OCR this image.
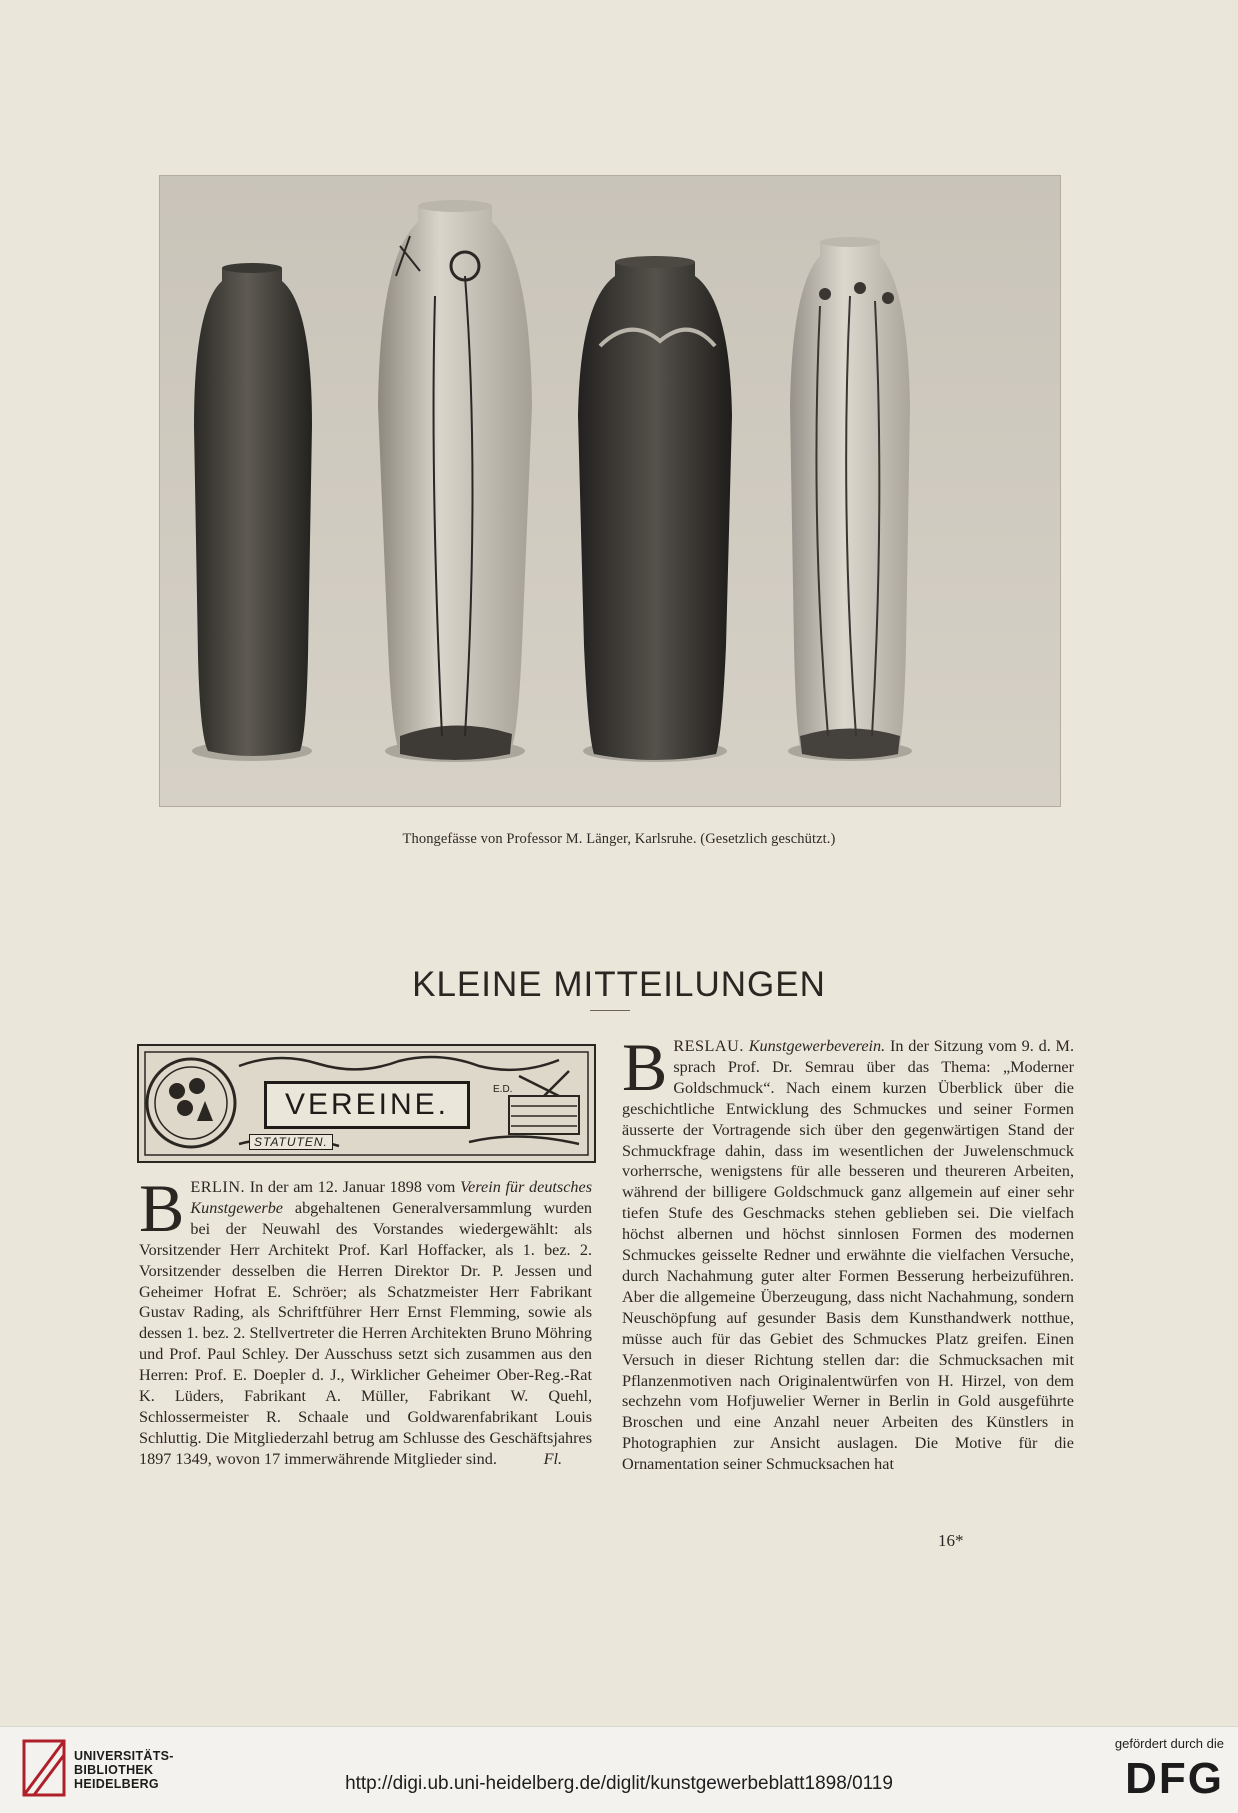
Thongefässe von Professor M. Länger, Karlsruhe. (Gesetzlich geschützt.)
KLEINE MITTEILUNGEN
VEREINE.
STATUTEN.
E.D.

BERLIN. In der am 12. Januar 1898 vom Verein für deutsches Kunstgewerbe abgehaltenen Generalversammlung wurden bei der Neuwahl des Vorstandes wiedergewählt: als Vorsitzender Herr Architekt Prof. Karl Hoffacker, als 1. bez. 2. Vorsitzender desselben die Herren Direktor Dr. P. Jessen und Geheimer Hofrat E. Schröer; als Schatzmeister Herr Fabrikant Gustav Rading, als Schriftführer Herr Ernst Flemming, sowie als dessen 1. bez. 2. Stellvertreter die Herren Architekten Bruno Möhring und Prof. Paul Schley. Der Ausschuss setzt sich zusammen aus den Herren: Prof. E. Doepler d. J., Wirklicher Geheimer Ober-Reg.-Rat K. Lüders, Fabrikant A. Müller, Fabrikant W. Quehl, Schlossermeister R. Schaale und Goldwarenfabrikant Louis Schluttig. Die Mitgliederzahl betrug am Schlusse des Geschäftsjahres 1897 1349, wovon 17 immerwährende Mitglieder sind.	Fl.

BRESLAU. Kunstgewerbeverein. In der Sitzung vom 9. d. M. sprach Prof. Dr. Semrau über das Thema: „Moderner Goldschmuck“. Nach einem kurzen Überblick über die geschichtliche Entwicklung des Schmuckes und seiner Formen äusserte der Vortragende sich über den gegenwärtigen Stand der Schmuckfrage dahin, dass im wesentlichen der Juwelenschmuck vorherrsche, wenigstens für alle besseren und theureren Arbeiten, während der billigere Goldschmuck ganz allgemein auf einer sehr tiefen Stufe des Geschmacks stehen geblieben sei. Die vielfach höchst albernen und höchst sinnlosen Formen des modernen Schmuckes geisselte Redner und erwähnte die vielfachen Versuche, durch Nachahmung guter alter Formen Besserung herbeizuführen. Aber die allgemeine Überzeugung, dass nicht Nachahmung, sondern Neuschöpfung auf gesunder Basis dem Kunsthandwerk notthue, müsse auch für das Gebiet des Schmuckes Platz greifen. Einen Versuch in dieser Richtung stellen dar: die Schmucksachen mit Pflanzenmotiven nach Originalentwürfen von H. Hirzel, von dem sechzehn vom Hofjuwelier Werner in Berlin in Gold ausgeführte Broschen und eine Anzahl neuer Arbeiten des Künstlers in Photographien zur Ansicht auslagen. Die Motive für die Ornamentation seiner Schmucksachen hat

16*
UNIVERSITÄTS-
BIBLIOTHEK
HEIDELBERG	http://digi.ub.uni-heidelberg.de/diglit/kunstgewerbeblatt1898/0119
gefördert durch die
DFG
